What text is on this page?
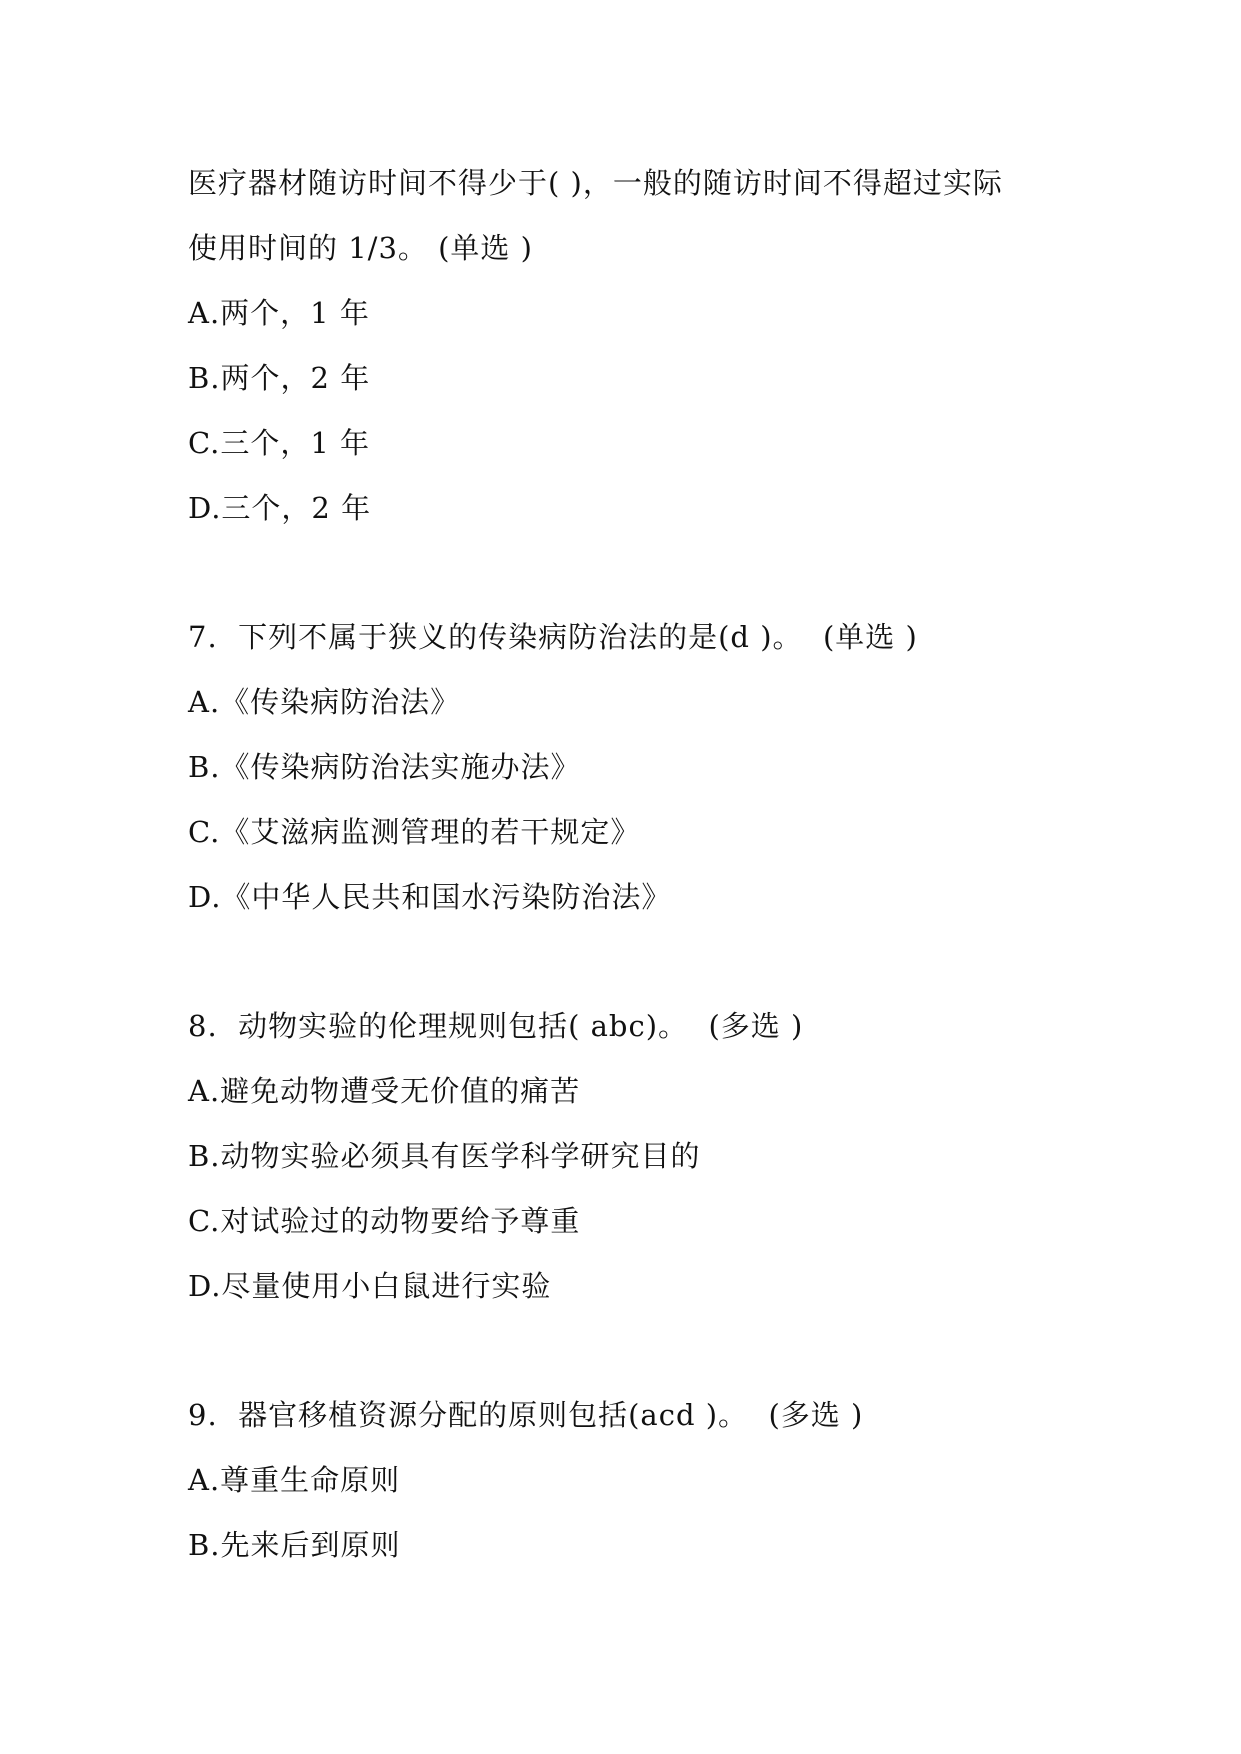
医疗器材随访时间不得少于( )，一般的随访时间不得超过实际
使用时间的 1/3。 (单选 )
A.两个，1 年
B.两个，2 年
C.三个，1 年
D.三个，2 年
7.  下列不属于狭义的传染病防治法的是(d )。  (单选 )
A.《传染病防治法》
B.《传染病防治法实施办法》
C.《艾滋病监测管理的若干规定》
D.《中华人民共和国水污染防治法》
8.  动物实验的伦理规则包括( abc)。  (多选 )
A.避免动物遭受无价值的痛苦
B.动物实验必须具有医学科学研究目的
C.对试验过的动物要给予尊重
D.尽量使用小白鼠进行实验
9.  器官移植资源分配的原则包括(acd )。  (多选 )
A.尊重生命原则
B.先来后到原则
